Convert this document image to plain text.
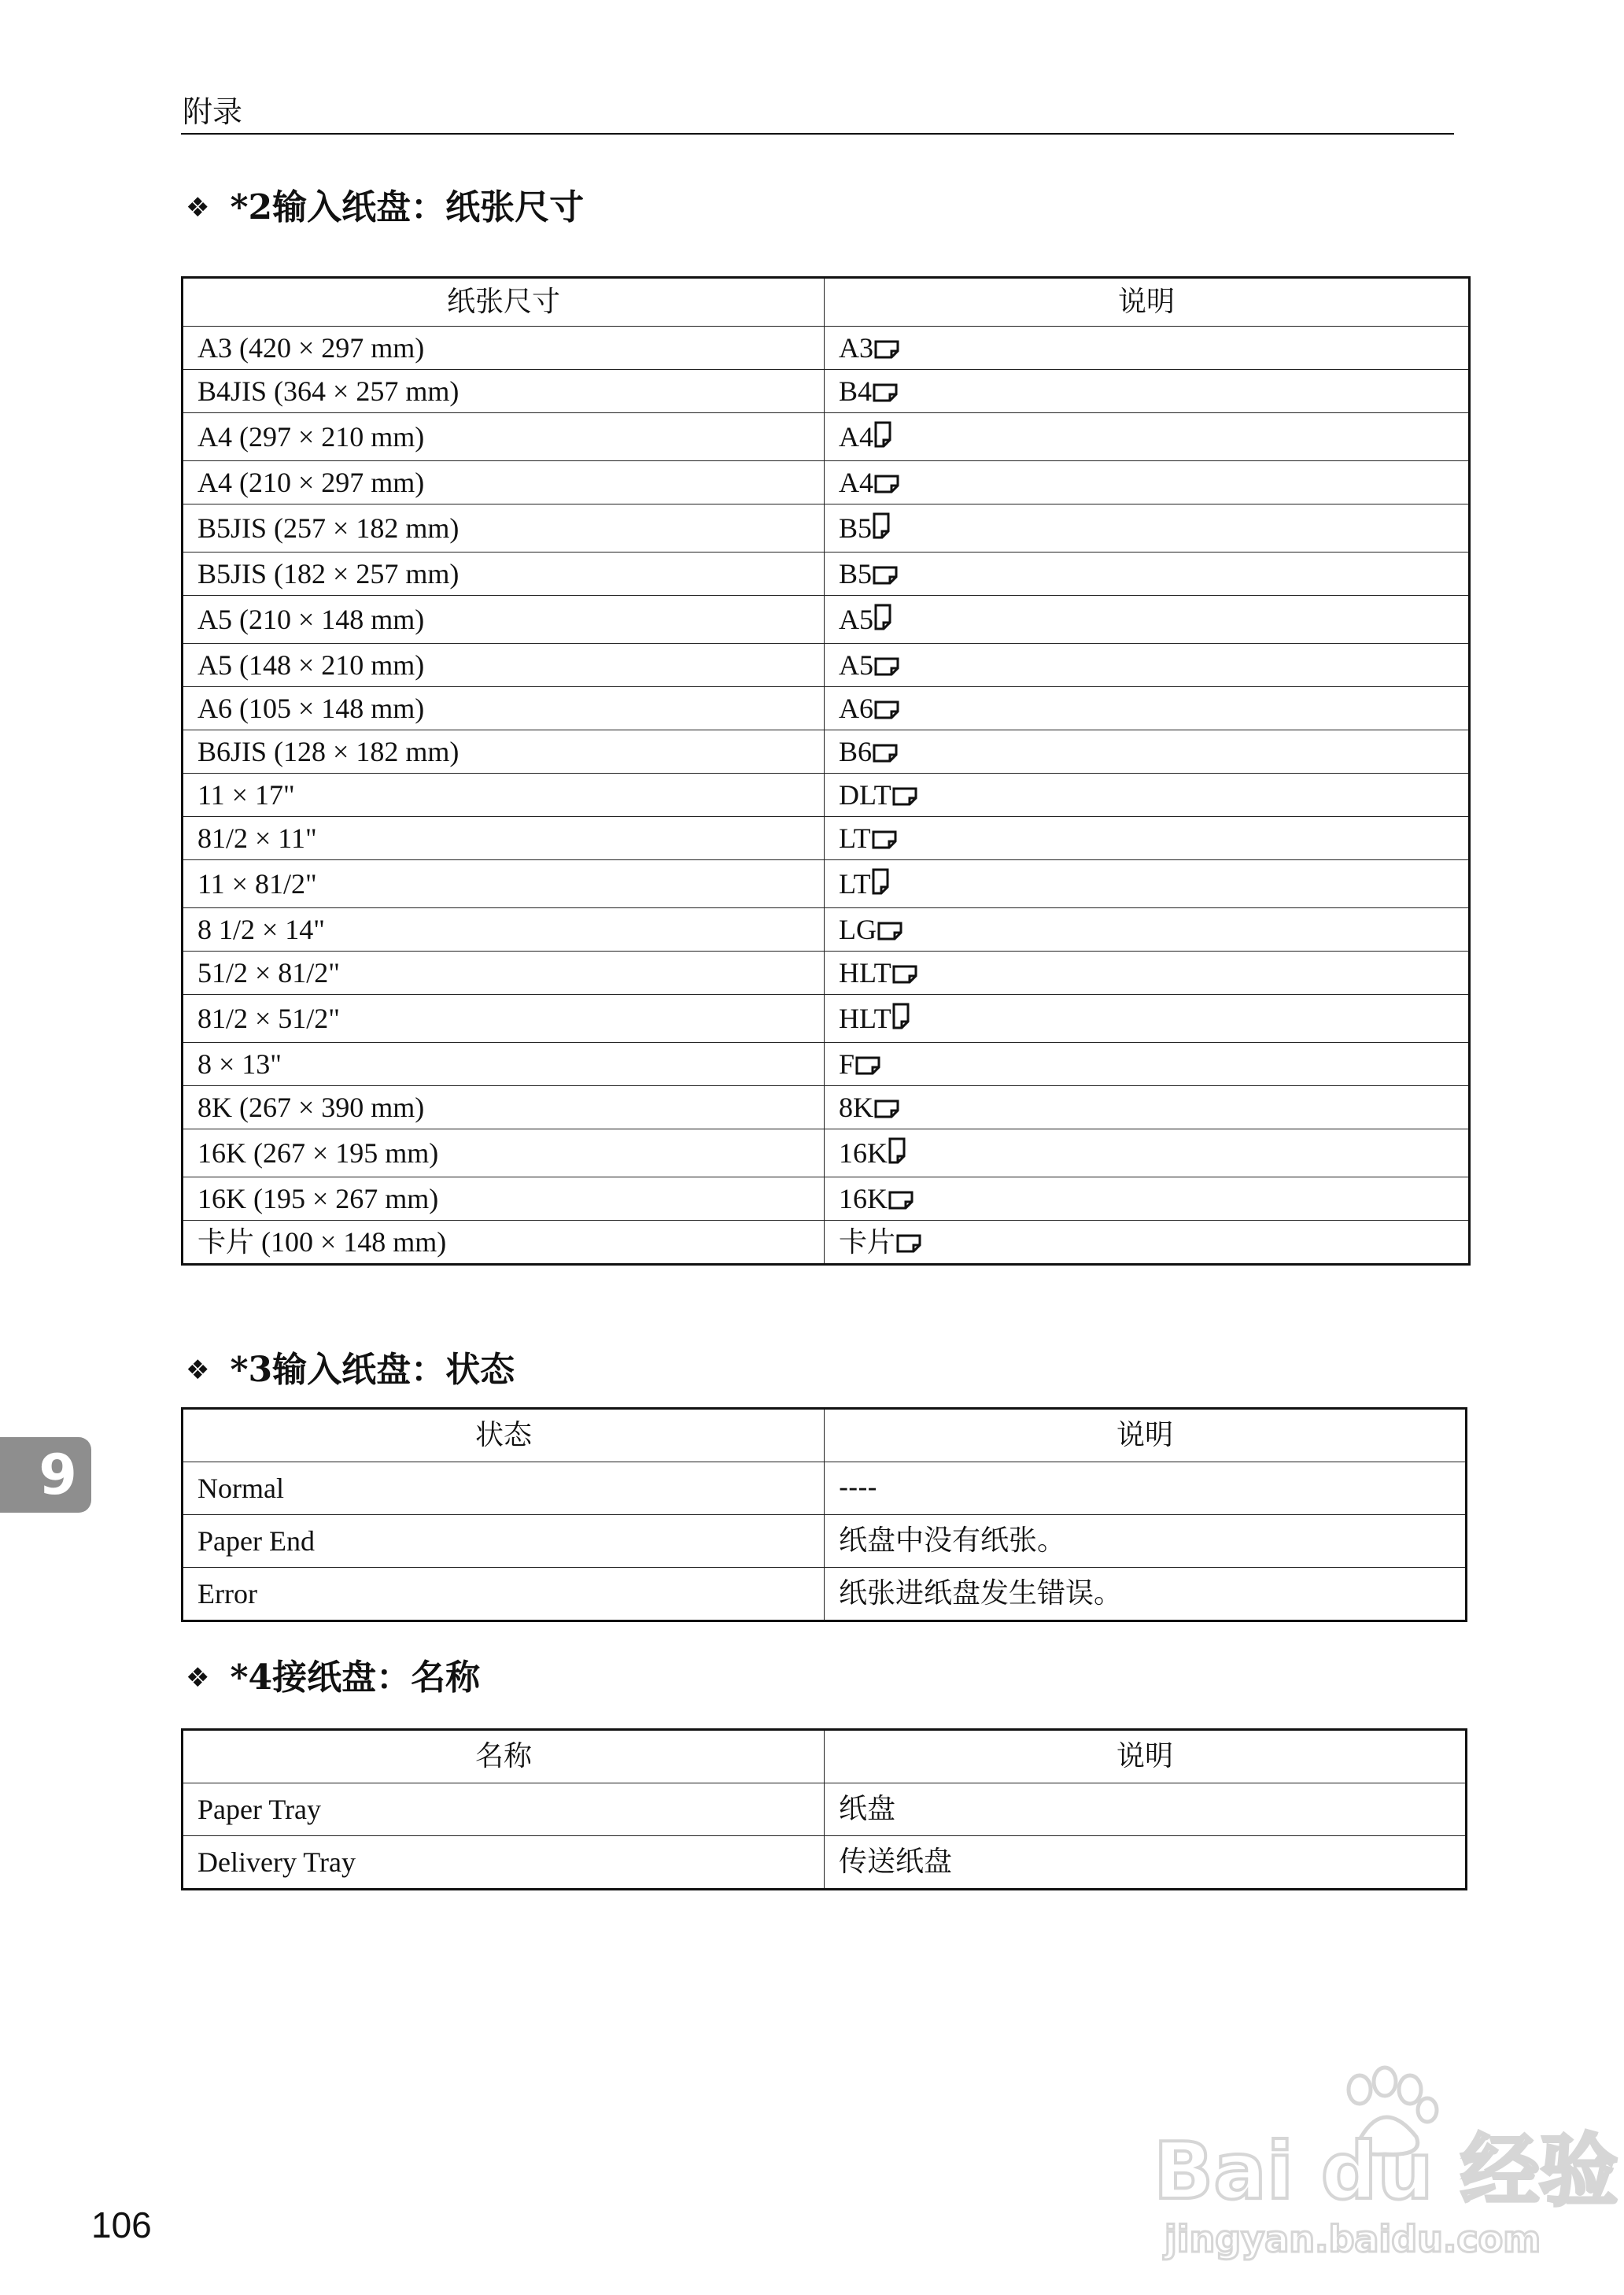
附录
❖ *2输入纸盘：纸张尺寸
纸张尺寸	说明
A3 (420 × 297 mm)	A3
B4JIS (364 × 257 mm)	B4
A4 (297 × 210 mm)	A4
A4 (210 × 297 mm)	A4
B5JIS (257 × 182 mm)	B5
B5JIS (182 × 257 mm)	B5
A5 (210 × 148 mm)	A5
A5 (148 × 210 mm)	A5
A6 (105 × 148 mm)	A6
B6JIS (128 × 182 mm)	B6
11 × 17"	DLT
81/2 × 11"	LT
11 × 81/2"	LT
8 1/2 × 14"	LG
51/2 × 81/2"	HLT
81/2 × 51/2"	HLT
8 × 13"	F
8K (267 × 390 mm)	8K
16K (267 × 195 mm)	16K
16K (195 × 267 mm)	16K
卡片 (100 × 148 mm)	卡片
❖ *3输入纸盘：状态
状态	说明
Normal	----
Paper End	纸盘中没有纸张。
Error	纸张进纸盘发生错误。
❖ *4接纸盘：名称
名称	说明
Paper Tray	纸盘
Delivery Tray	传送纸盘
9
106
Bai du 经验
jingyan.baidu.com
